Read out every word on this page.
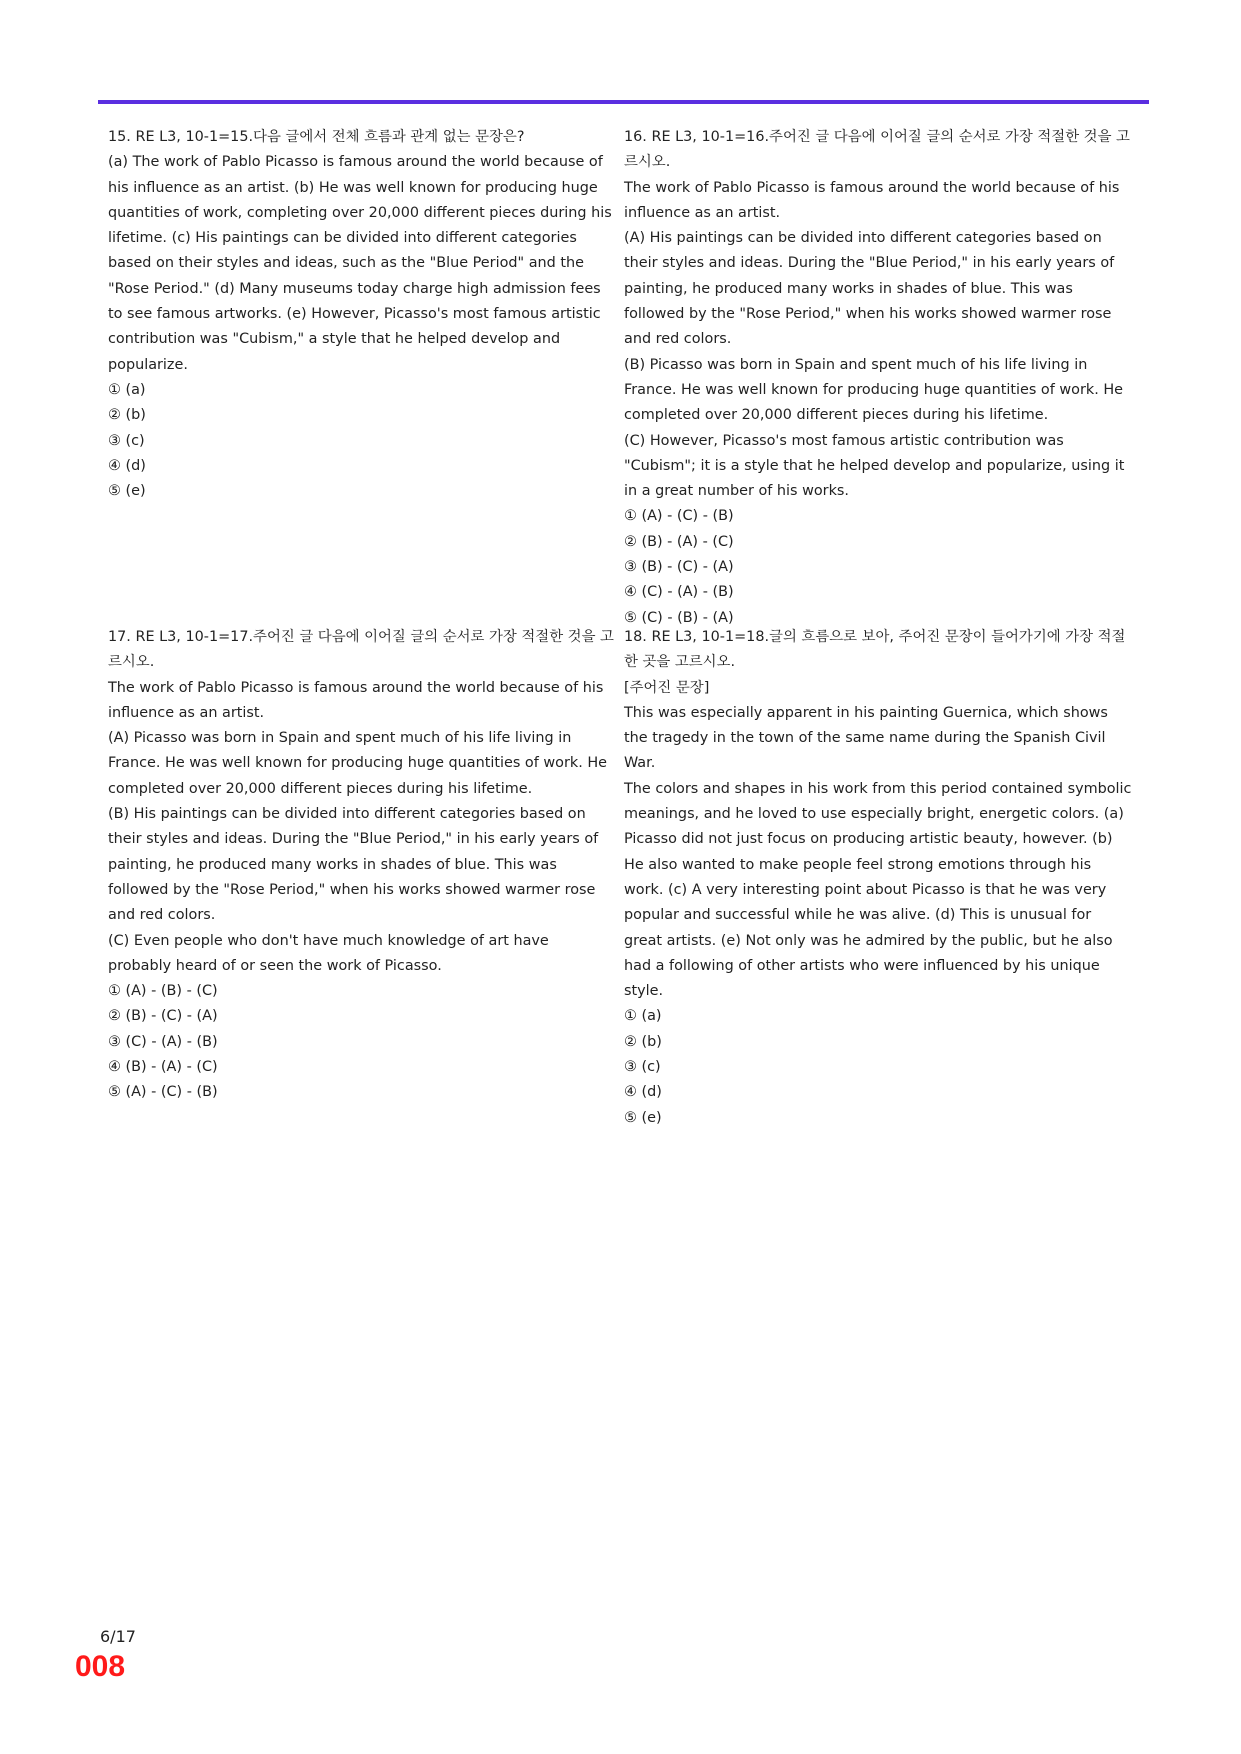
15. RE L3, 10-1=15.다음 글에서 전체 흐름과 관계 없는 문장은?
(a) The work of Pablo Picasso is famous around the world because of his influence as an artist. (b) He was well known for producing huge quantities of work, completing over 20,000 different pieces during his lifetime. (c) His paintings can be divided into different categories based on their styles and ideas, such as the "Blue Period" and the "Rose Period." (d) Many museums today charge high admission fees to see famous artworks. (e) However, Picasso's most famous artistic contribution was "Cubism," a style that he helped develop and popularize.
① (a)
② (b)
③ (c)
④ (d)
⑤ (e)
16. RE L3, 10-1=16.주어진 글 다음에 이어질 글의 순서로 가장 적절한 것을 고르시오.
The work of Pablo Picasso is famous around the world because of his influence as an artist.
(A) His paintings can be divided into different categories based on their styles and ideas. During the "Blue Period," in his early years of painting, he produced many works in shades of blue. This was followed by the "Rose Period," when his works showed warmer rose and red colors.
(B) Picasso was born in Spain and spent much of his life living in France. He was well known for producing huge quantities of work. He completed over 20,000 different pieces during his lifetime.
(C) However, Picasso's most famous artistic contribution was "Cubism"; it is a style that he helped develop and popularize, using it in a great number of his works.
① (A) - (C) - (B)
② (B) - (A) - (C)
③ (B) - (C) - (A)
④ (C) - (A) - (B)
⑤ (C) - (B) - (A)
17. RE L3, 10-1=17.주어진 글 다음에 이어질 글의 순서로 가장 적절한 것을 고르시오.
The work of Pablo Picasso is famous around the world because of his influence as an artist.
(A) Picasso was born in Spain and spent much of his life living in France. He was well known for producing huge quantities of work. He completed over 20,000 different pieces during his lifetime.
(B) His paintings can be divided into different categories based on their styles and ideas. During the "Blue Period," in his early years of painting, he produced many works in shades of blue. This was followed by the "Rose Period," when his works showed warmer rose and red colors.
(C) Even people who don't have much knowledge of art have probably heard of or seen the work of Picasso.
① (A) - (B) - (C)
② (B) - (C) - (A)
③ (C) - (A) - (B)
④ (B) - (A) - (C)
⑤ (A) - (C) - (B)
18. RE L3, 10-1=18.글의 흐름으로 보아, 주어진 문장이 들어가기에 가장 적절한 곳을 고르시오.
[주어진 문장]
This was especially apparent in his painting Guernica, which shows the tragedy in the town of the same name during the Spanish Civil War.
The colors and shapes in his work from this period contained symbolic meanings, and he loved to use especially bright, energetic colors. (a) Picasso did not just focus on producing artistic beauty, however. (b) He also wanted to make people feel strong emotions through his work. (c) A very interesting point about Picasso is that he was very popular and successful while he was alive. (d) This is unusual for great artists. (e) Not only was he admired by the public, but he also had a following of other artists who were influenced by his unique style.
① (a)
② (b)
③ (c)
④ (d)
⑤ (e)
6/17
008
